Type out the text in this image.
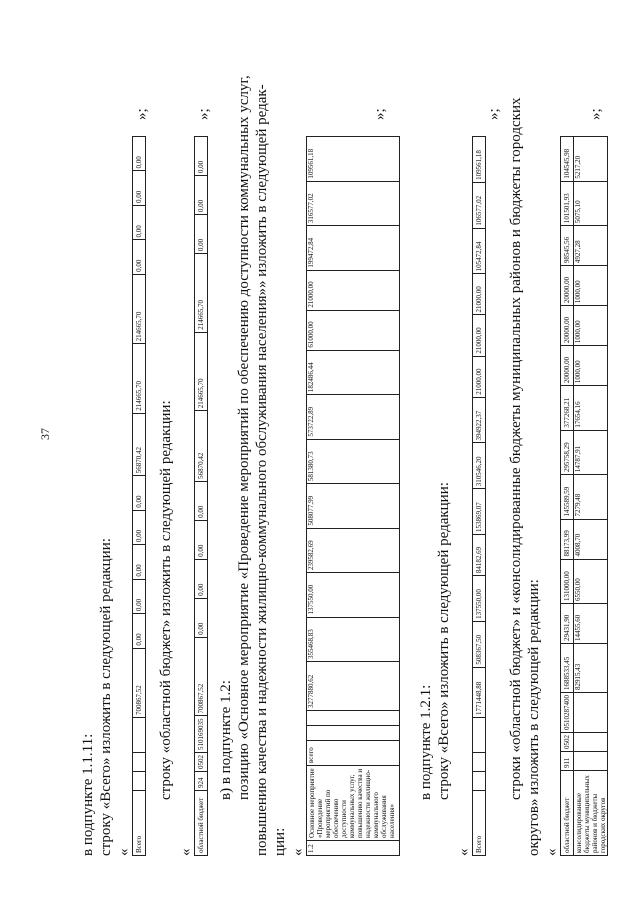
37
в подпункте 1.1.11: строку «Всего» изложить в следующей редакции: « Всего				700867,52	0,00	0,00	0,00	0,00	0,00	56870,42	214665,70	214665,70	0,00	0,00	0,00	0,00
»;
строку «областной бюджет» изложить в следующей редакции:
« областной бюджет	924	0502	510169035	700867,52	0,00	0,00	0,00	0,00	56870,42	214665,70	214665,70	0,00	0,00	0,00
»;
в) в подпункте 1.2: позицию «Основное мероприятие «Проведение мероприятий по обеспечению доступности коммунальных услуг, повышению качества и надежности жилищно-коммунального обслуживания населения»» изложить в следующей редак- ции: « 1.2	Основное мероприятие «Проведение мероприятий по обеспечению доступности коммунальных услуг, повышению качества и надежности жилищно-коммунального обслуживания населения»	всего			3277880,62	355468,83	137550,00	239582,69	508077,99	581380,73	573722,89	182486,44	61000,00	21000,00	199472,84	316577,02	109561,18
»;
в подпункте 1.2.1: строку «Всего» изложить в следующей редакции:
« Всего				1771448,88	508367,50	137550,00	84182,69	153869,07	310546,20	394922,37	21000,00	21000,00	21000,00	105472,84	106577,02	109561,18
»; строки «областной бюджет» и «консолидированные бюджеты муниципальных районов и бюджеты городских округов» изложить в следующей редакции: « областной бюджет	911	0502	0510287400	1688533,45	29431,90	131000,00	88173,99	145589,59	295758,29	377268,21	20000,00	20000,00	20000,00	98545,56	101501,93	104545,98
консолидированные бюджеты муниципальных районов и бюджеты городских округов				82915,43	14455,60	6550,00	4008,70	7279,48	14787,91	17654,16	1000,00	1000,00	1000,00	4927,28	5075,10	5217,20
»;
